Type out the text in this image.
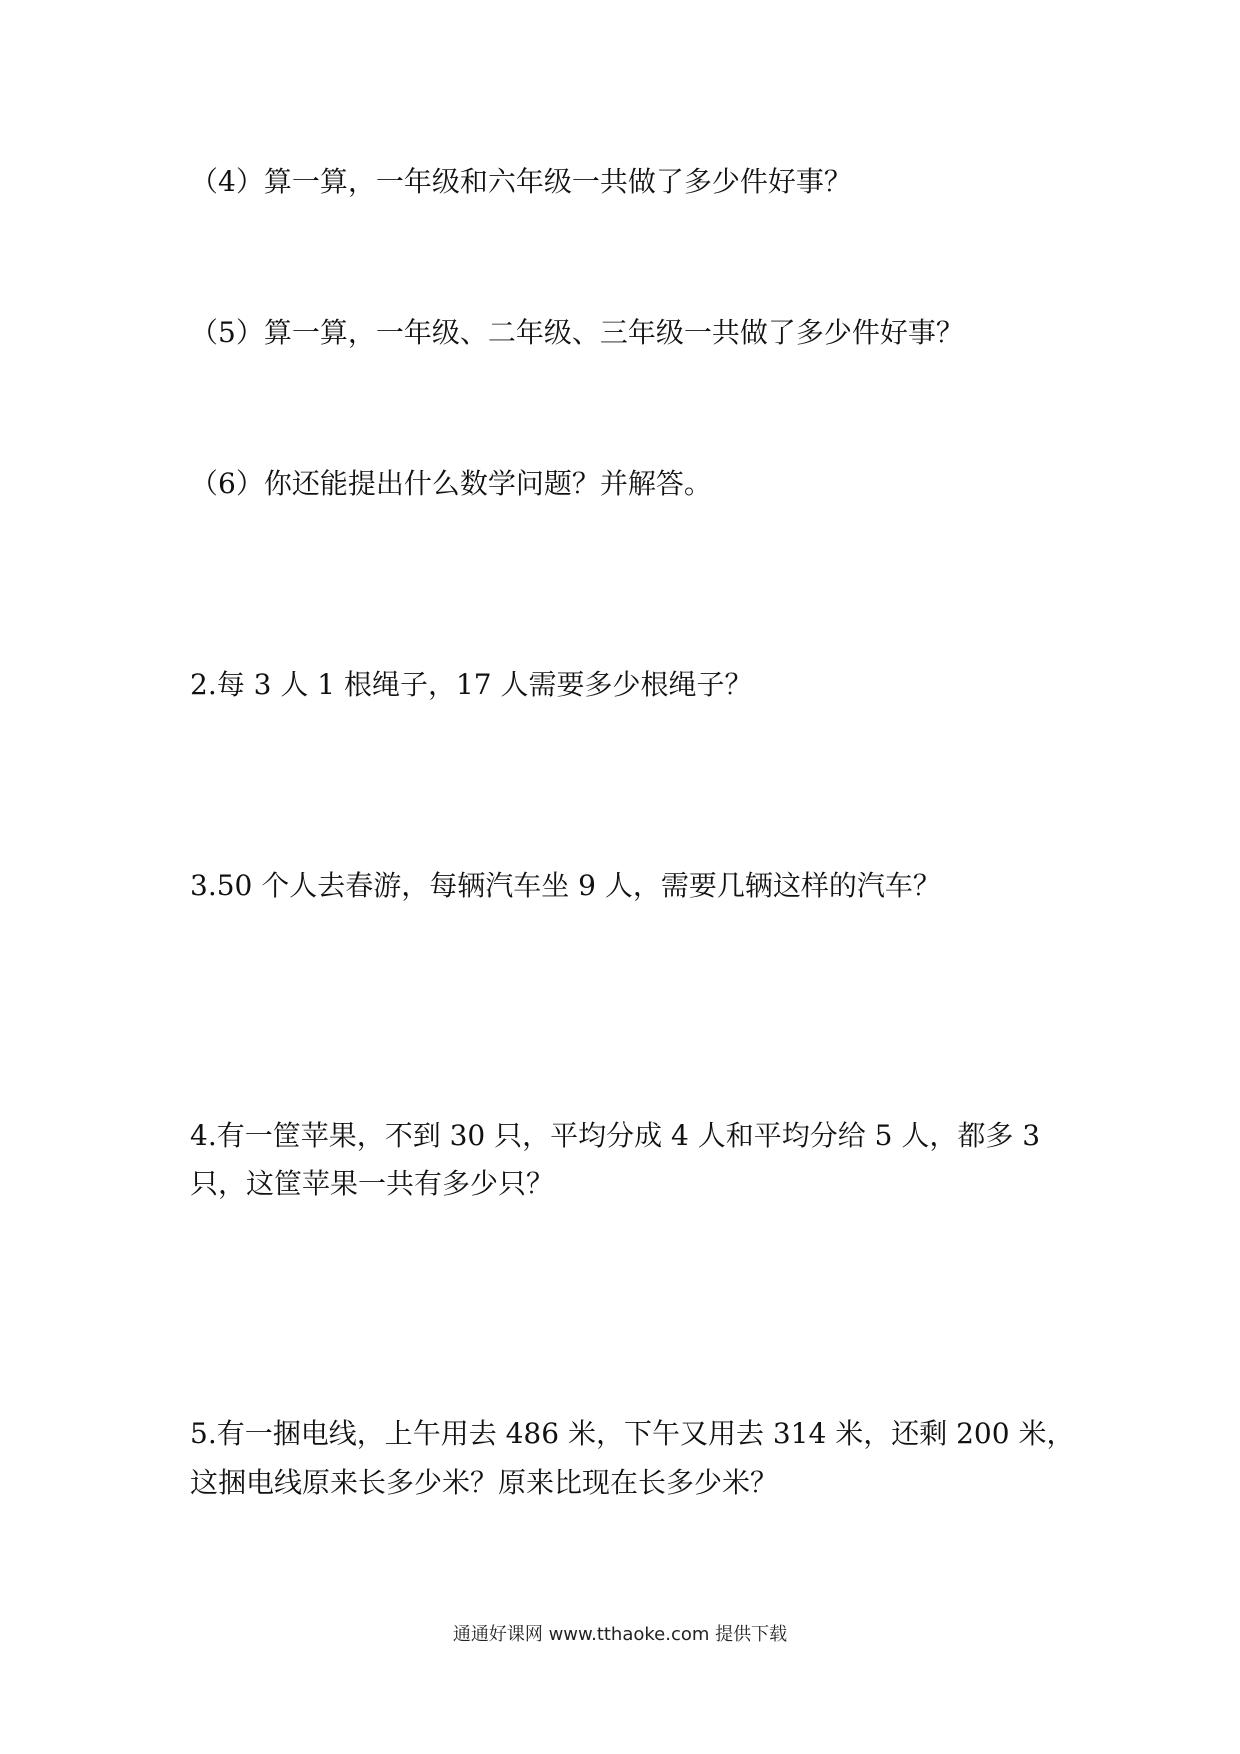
（4）算一算，一年级和六年级一共做了多少件好事？
（5）算一算，一年级、二年级、三年级一共做了多少件好事？
（6）你还能提出什么数学问题？并解答。
2.每 3 人 1 根绳子，17 人需要多少根绳子？
3.50 个人去春游，每辆汽车坐 9 人，需要几辆这样的汽车？
4.有一筐苹果，不到 30 只，平均分成 4 人和平均分给 5 人，都多 3
只，这筐苹果一共有多少只？
5.有一捆电线，上午用去 486 米，下午又用去 314 米，还剩 200 米，
这捆电线原来长多少米？原来比现在长多少米？
通通好课网 www.tthaoke.com 提供下载
